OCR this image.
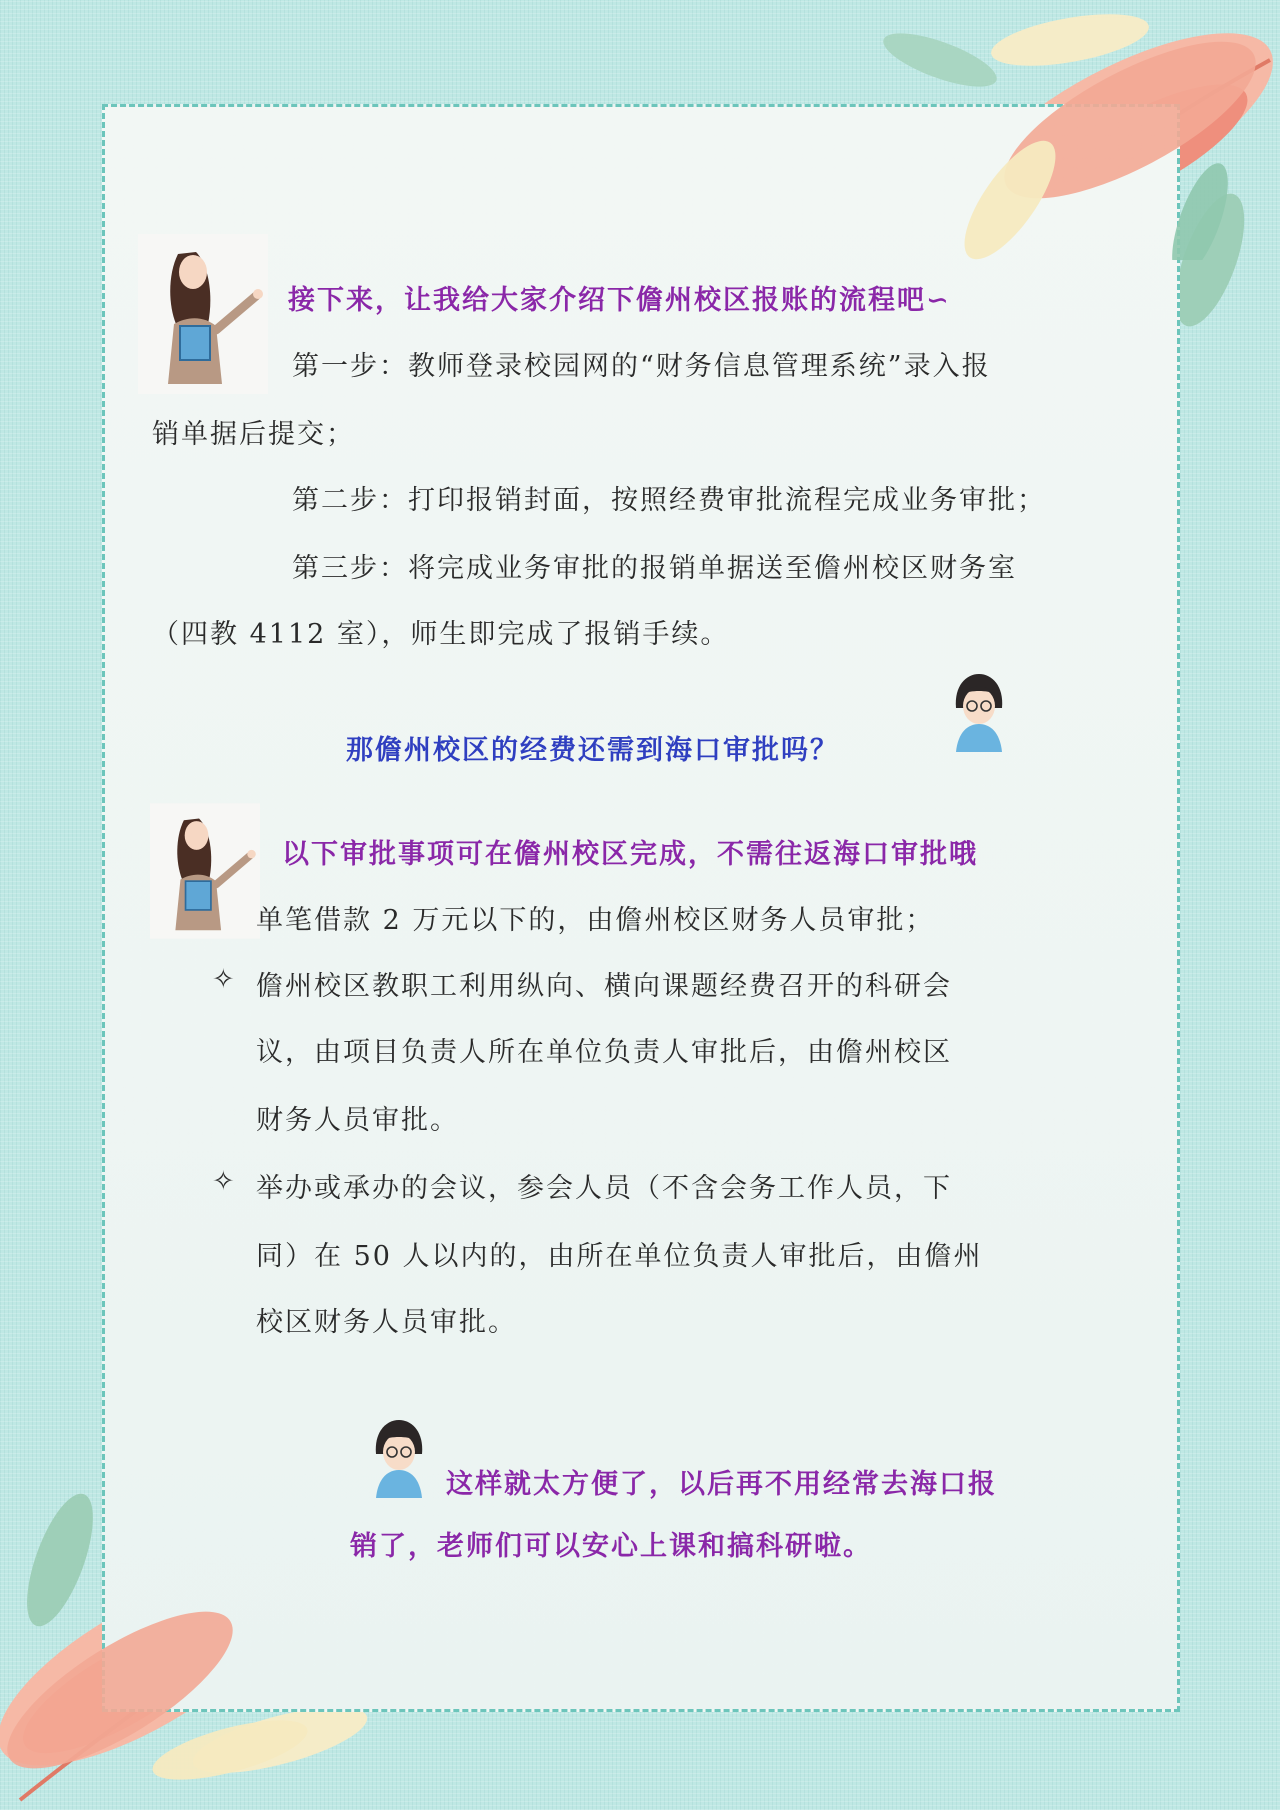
接下来，让我给大家介绍下儋州校区报账的流程吧∽

第一步：教师登录校园网的“财务信息管理系统”录入报

销单据后提交；

第二步：打印报销封面，按照经费审批流程完成业务审批；

第三步：将完成业务审批的报销单据送至儋州校区财务室

（四教 4112 室），师生即完成了报销手续。

那儋州校区的经费还需到海口审批吗？

以下审批事项可在儋州校区完成，不需往返海口审批哦

单笔借款 2 万元以下的，由儋州校区财务人员审批；

✧ 儋州校区教职工利用纵向、横向课题经费召开的科研会

议，由项目负责人所在单位负责人审批后，由儋州校区

财务人员审批。

✧ 举办或承办的会议，参会人员（不含会务工作人员，下

同）在 50 人以内的，由所在单位负责人审批后，由儋州

校区财务人员审批。

这样就太方便了，以后再不用经常去海口报

销了，老师们可以安心上课和搞科研啦。
